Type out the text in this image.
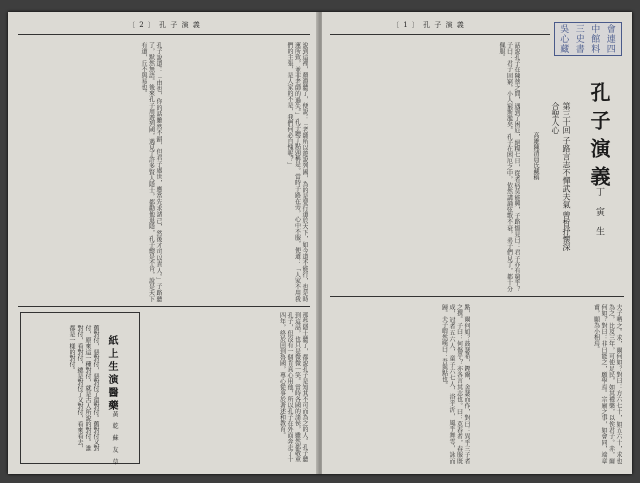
〔 2 〕 孔 子 演 義
說到這裡，顏淵聽了，便說：「老師所以遊說列國，為的是要行道於天下，如今道不能行，也是時運所致，並非老師的過失。」孔子聽了點頭稱是。當時子路在旁，心中不服，便道：「人家不用我們的主張，是人家的不是，我們何必自愧呢？」
孔子說道：「由也，你的話雖然不錯，但君子處世，應當先求諸己，然後才可以責人。」子路聽了，默然無語。後來孔子周遊列國，遇見了許多賢人隱士，都勸他退隱，孔子總是不肯，說是天下有道，丘不與易也。
那些隱士聽了，都說孔子是知其不可而為之的人。孔子聽到這話，也只是微微一笑。當時各國的諸侯，雖然都敬重孔子，但沒有一個肯真心用他，所以孔子在外面奔走了十四年，終於回到魯國，專心從事於著述和教育。
紙上生演醫藥
黃 乾 蘇 友 草
舊對付，惡對付，惡對付了還對付。舊對付又對付，原來這一種對付，就是古人所說的對付。誰對付，看對付，總是對付了又對付，看來看去，都是一樣的對付。
〔 1 〕 孔 子 演 義	吳 三 中 會
心 史 館 連
藏 書 料 四
孔子演義
丁 寅 生
第三十回 子路言志不憚武夫氣 曾晳抒懷深合聖人心
高雄陳清員氏藏稿
話說孔子在陳蔡之間，遇到了困厄，絕糧七日，從者病莫能興，子路慍見曰：君子亦有窮乎？子曰：君子固窮，小人窮斯濫矣。孔子在困厄之中，依然講誦弦歌不衰，弟子們見了，都十分佩服。
夫子哂之。求，爾何如？對曰：方六七十，如五六十，求也為之，比及三年，可使足民，如其禮樂，以俟君子。赤，爾何如？對曰：非曰能之，願學焉。宗廟之事，如會同，端章甫，願為小相焉。
點，爾何如？鼓瑟希，鏗爾，舍瑟而作，對曰：異乎三子者之撰。子曰：何傷乎？亦各言其志也。曰：莫春者，春服既成，冠者五六人，童子六七人，浴乎沂，風乎舞雩，詠而歸。夫子喟然嘆曰：吾與點也。
